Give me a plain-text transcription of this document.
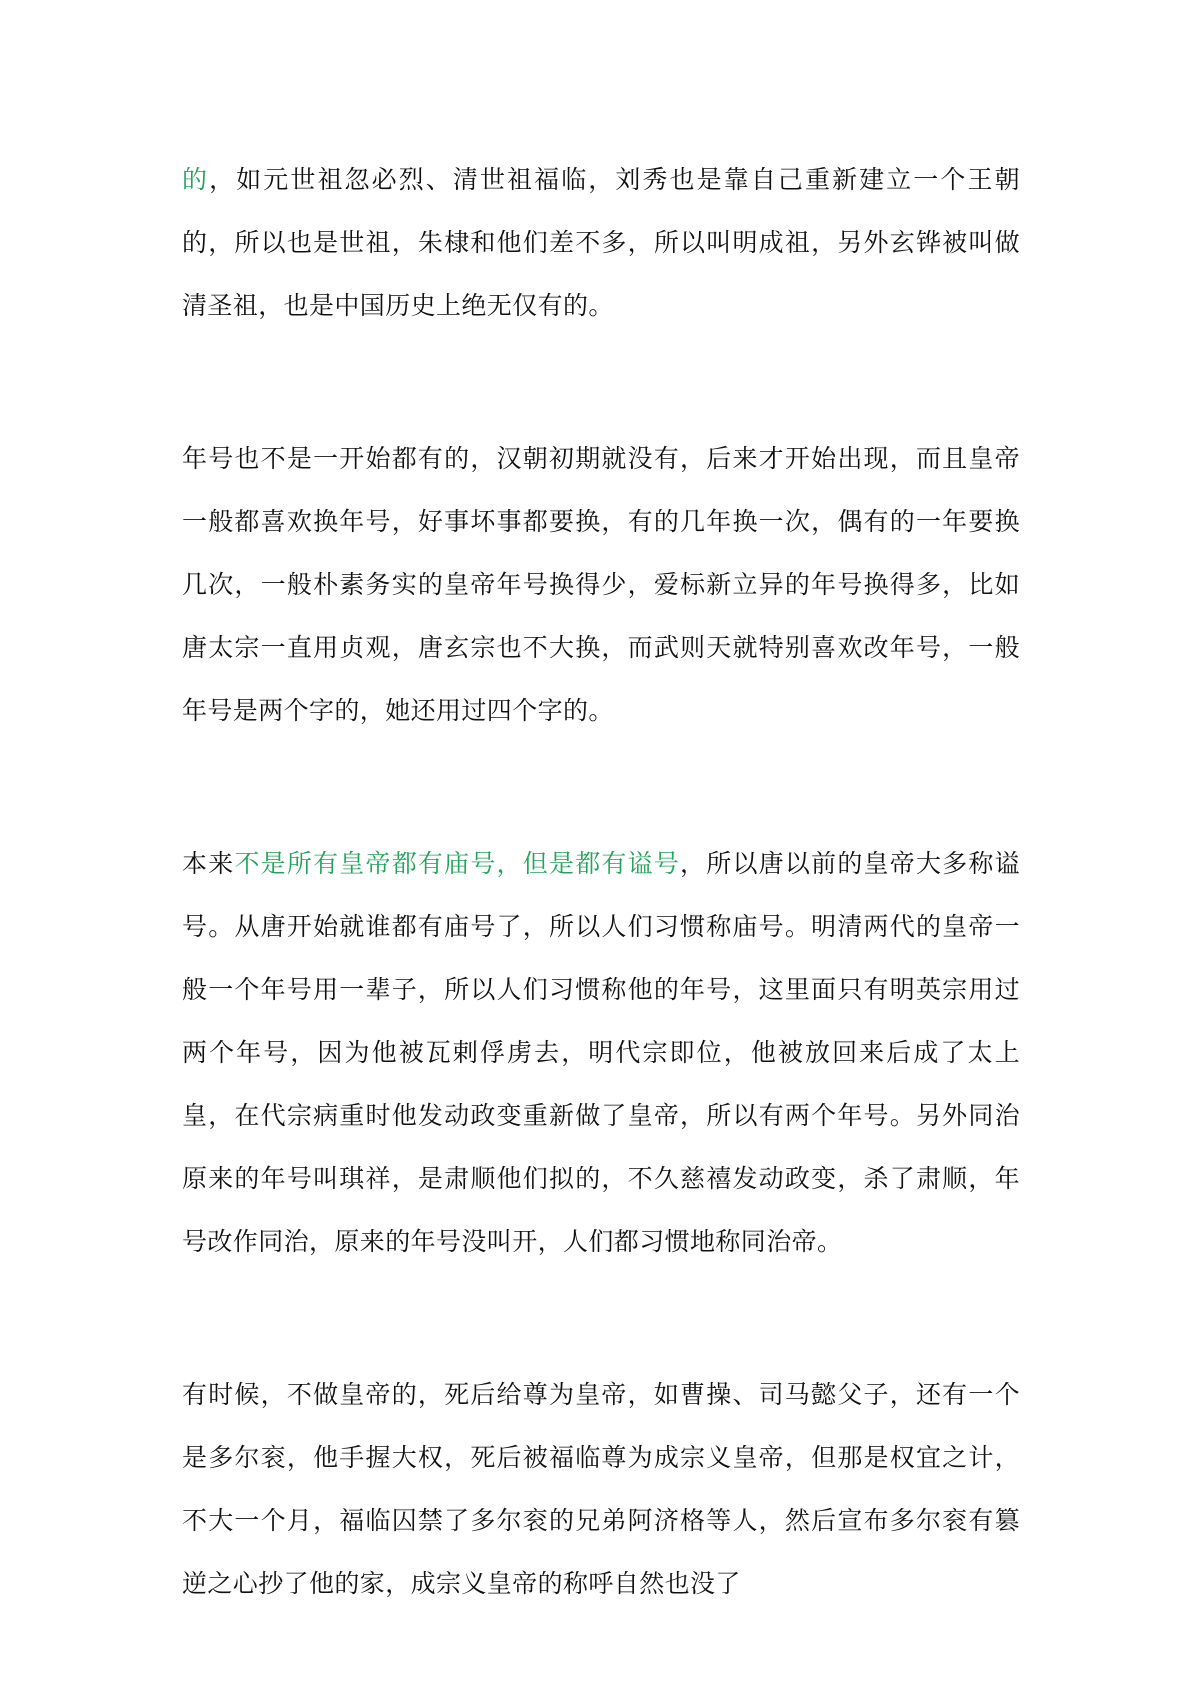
的，如元世祖忽必烈、清世祖福临，刘秀也是靠自己重新建立一个王朝的，所以也是世祖，朱棣和他们差不多，所以叫明成祖，另外玄铧被叫做清圣祖，也是中国历史上绝无仅有的。

年号也不是一开始都有的，汉朝初期就没有，后来才开始出现，而且皇帝一般都喜欢换年号，好事坏事都要换，有的几年换一次，偶有的一年要换几次，一般朴素务实的皇帝年号换得少，爱标新立异的年号换得多，比如唐太宗一直用贞观，唐玄宗也不大换，而武则天就特别喜欢改年号，一般年号是两个字的，她还用过四个字的。

本来不是所有皇帝都有庙号，但是都有谥号，所以唐以前的皇帝大多称谥号。从唐开始就谁都有庙号了，所以人们习惯称庙号。明清两代的皇帝一般一个年号用一辈子，所以人们习惯称他的年号，这里面只有明英宗用过两个年号，因为他被瓦剌俘虏去，明代宗即位，他被放回来后成了太上皇，在代宗病重时他发动政变重新做了皇帝，所以有两个年号。另外同治原来的年号叫琪祥，是肃顺他们拟的，不久慈禧发动政变，杀了肃顺，年号改作同治，原来的年号没叫开，人们都习惯地称同治帝。

有时候，不做皇帝的，死后给尊为皇帝，如曹操、司马懿父子，还有一个是多尔衮，他手握大权，死后被福临尊为成宗义皇帝，但那是权宜之计，不大一个月，福临囚禁了多尔衮的兄弟阿济格等人，然后宣布多尔衮有篡逆之心抄了他的家，成宗义皇帝的称呼自然也没了
